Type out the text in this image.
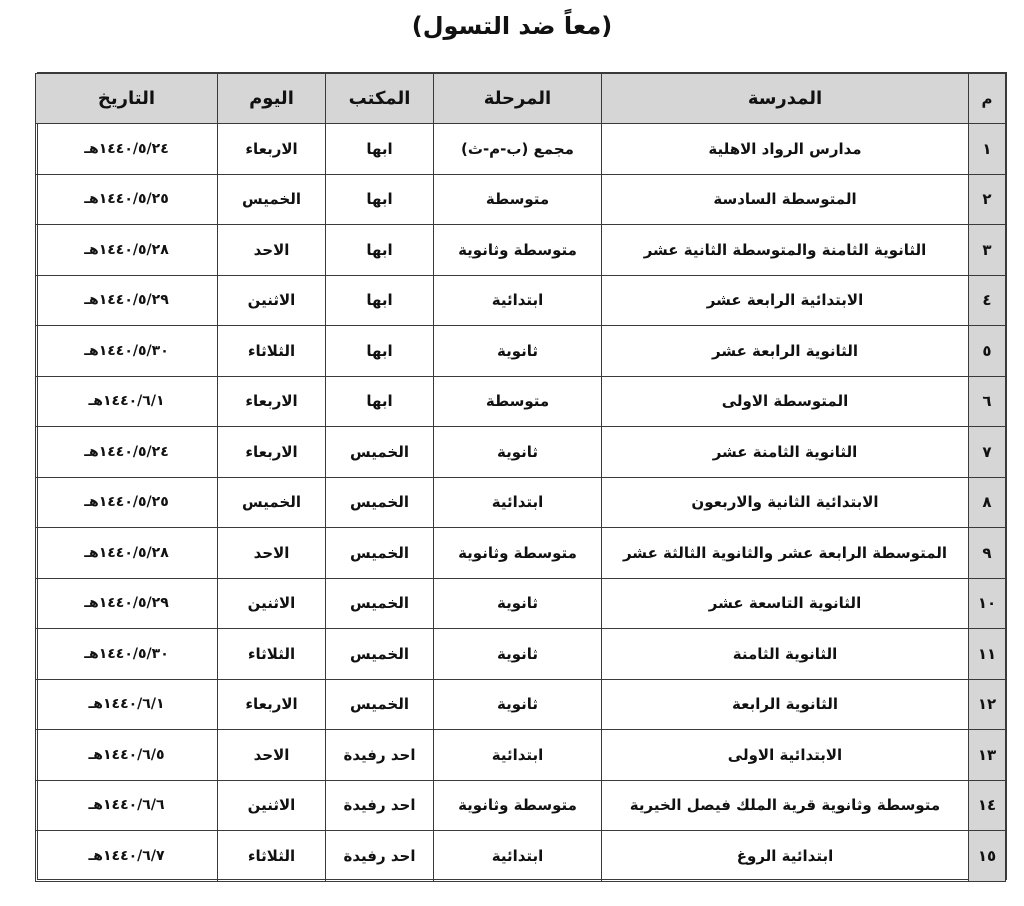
(معاً ضد التسول)
م	المدرسة	المرحلة	المكتب	اليوم	التاريخ
١	مدارس الرواد الاهلية	مجمع (ب-م-ث)	ابها	الاربعاء	١٤٤٠/٥/٢٤هـ
٢	المتوسطة السادسة	متوسطة	ابها	الخميس	١٤٤٠/٥/٢٥هـ
٣	الثانوية الثامنة والمتوسطة الثانية عشر	متوسطة وثانوية	ابها	الاحد	١٤٤٠/٥/٢٨هـ
٤	الابتدائية الرابعة عشر	ابتدائية	ابها	الاثنين	١٤٤٠/٥/٢٩هـ
٥	الثانوية الرابعة عشر	ثانوية	ابها	الثلاثاء	١٤٤٠/٥/٣٠هـ
٦	المتوسطة الاولى	متوسطة	ابها	الاربعاء	١٤٤٠/٦/١هـ
٧	الثانوية الثامنة عشر	ثانوية	الخميس	الاربعاء	١٤٤٠/٥/٢٤هـ
٨	الابتدائية الثانية والاربعون	ابتدائية	الخميس	الخميس	١٤٤٠/٥/٢٥هـ
٩	المتوسطة الرابعة عشر والثانوية الثالثة عشر	متوسطة وثانوية	الخميس	الاحد	١٤٤٠/٥/٢٨هـ
١٠	الثانوية التاسعة عشر	ثانوية	الخميس	الاثنين	١٤٤٠/٥/٢٩هـ
١١	الثانوية الثامنة	ثانوية	الخميس	الثلاثاء	١٤٤٠/٥/٣٠هـ
١٢	الثانوية الرابعة	ثانوية	الخميس	الاربعاء	١٤٤٠/٦/١هـ
١٣	الابتدائية الاولى	ابتدائية	احد رفيدة	الاحد	١٤٤٠/٦/٥هـ
١٤	متوسطة وثانوية قرية الملك فيصل الخيرية	متوسطة وثانوية	احد رفيدة	الاثنين	١٤٤٠/٦/٦هـ
١٥	ابتدائية الروغ	ابتدائية	احد رفيدة	الثلاثاء	١٤٤٠/٦/٧هـ
